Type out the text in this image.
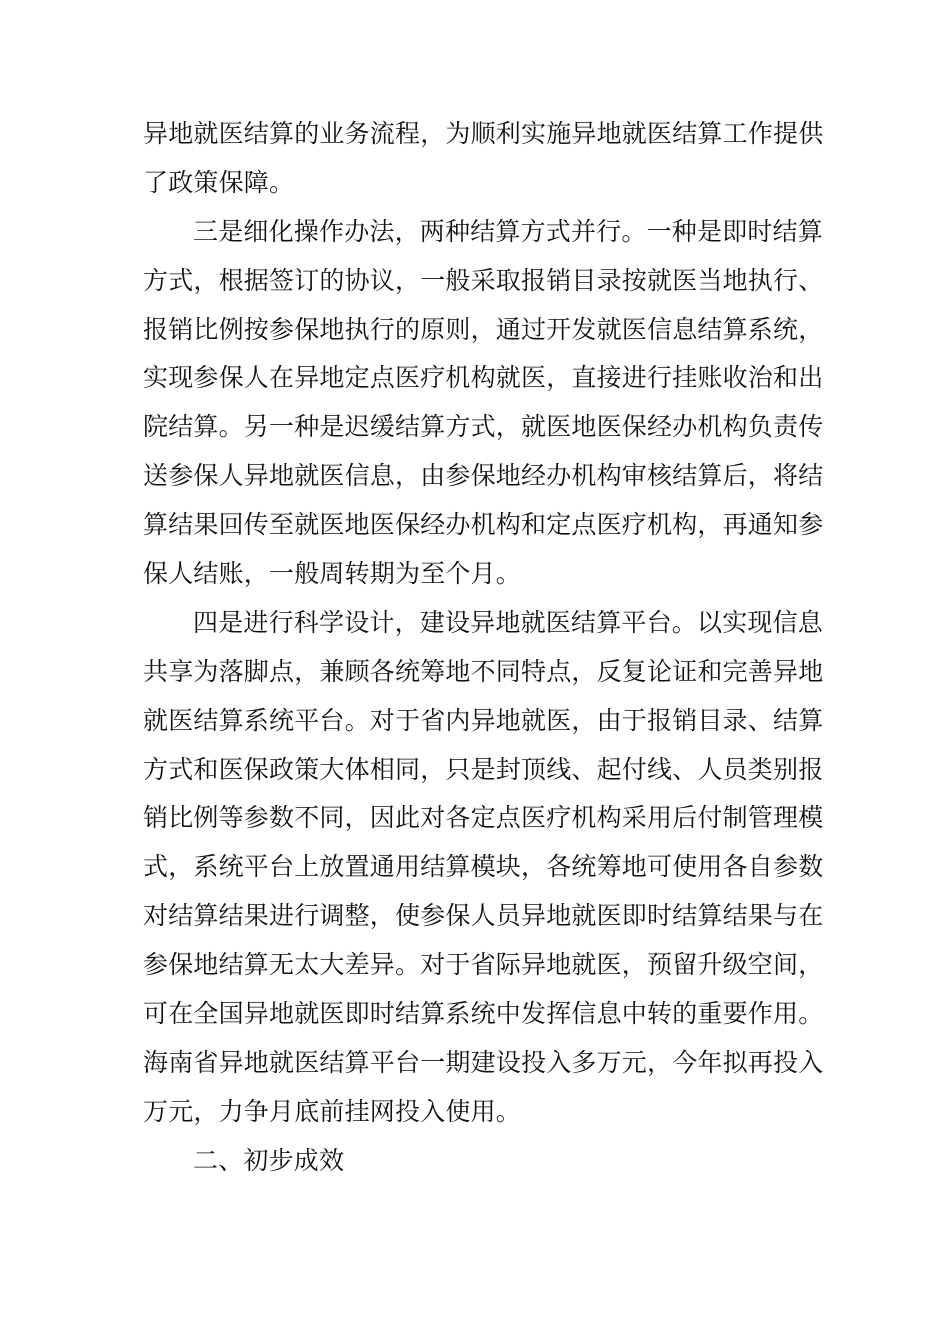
异地就医结算的业务流程，为顺利实施异地就医结算工作提供
了政策保障。
三是细化操作办法，两种结算方式并行。一种是即时结算
方式，根据签订的协议，一般采取报销目录按就医当地执行、
报销比例按参保地执行的原则，通过开发就医信息结算系统，
实现参保人在异地定点医疗机构就医，直接进行挂账收治和出
院结算。另一种是迟缓结算方式，就医地医保经办机构负责传
送参保人异地就医信息，由参保地经办机构审核结算后，将结
算结果回传至就医地医保经办机构和定点医疗机构，再通知参
保人结账，一般周转期为至个月。
四是进行科学设计，建设异地就医结算平台。以实现信息
共享为落脚点，兼顾各统筹地不同特点，反复论证和完善异地
就医结算系统平台。对于省内异地就医，由于报销目录、结算
方式和医保政策大体相同，只是封顶线、起付线、人员类别报
销比例等参数不同，因此对各定点医疗机构采用后付制管理模
式，系统平台上放置通用结算模块，各统筹地可使用各自参数
对结算结果进行调整，使参保人员异地就医即时结算结果与在
参保地结算无太大差异。对于省际异地就医，预留升级空间，
可在全国异地就医即时结算系统中发挥信息中转的重要作用。
海南省异地就医结算平台一期建设投入多万元，今年拟再投入
万元，力争月底前挂网投入使用。
二、初步成效
